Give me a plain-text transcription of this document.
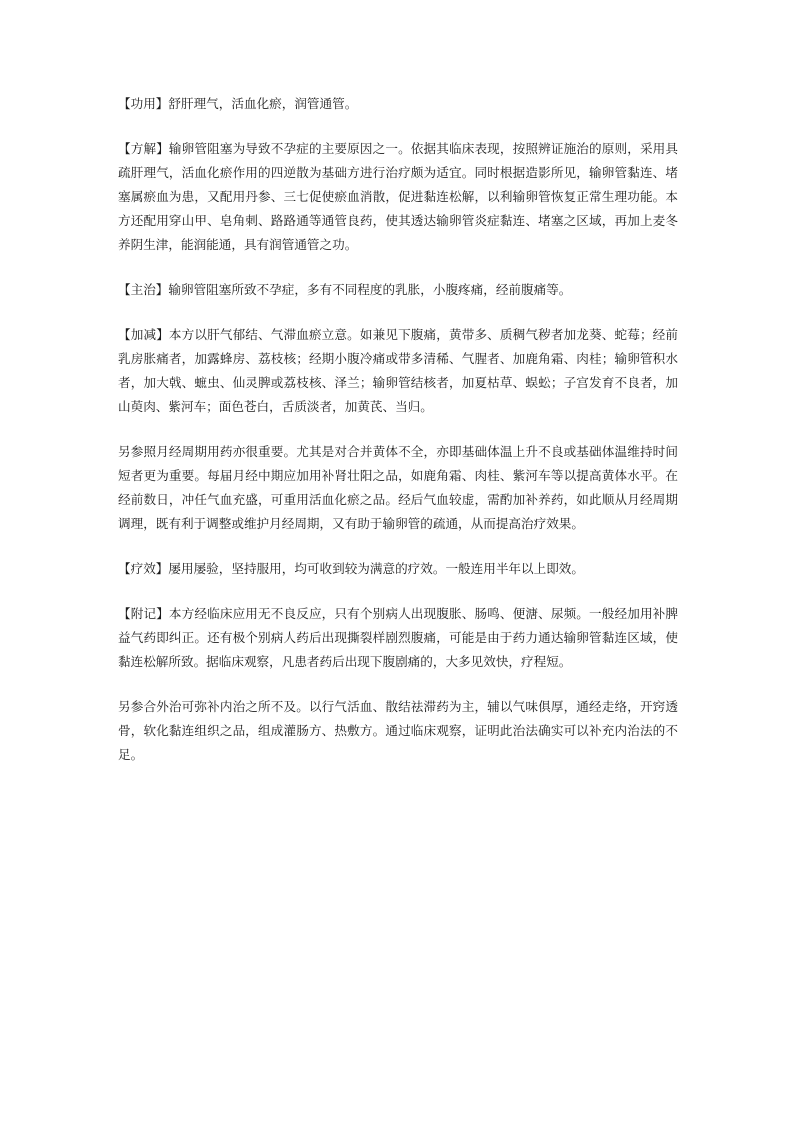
【功用】舒肝理气，活血化瘀，润管通管。

【方解】输卵管阻塞为导致不孕症的主要原因之一。依据其临床表现，按照辨证施治的原则，采用具疏肝理气，活血化瘀作用的四逆散为基础方进行治疗颇为适宜。同时根据造影所见，输卵管黏连、堵塞属瘀血为患，又配用丹参、三七促使瘀血消散，促进黏连松解，以利输卵管恢复正常生理功能。本方还配用穿山甲、皂角刺、路路通等通管良药，使其透达输卵管炎症黏连、堵塞之区域，再加上麦冬养阴生津，能润能通，具有润管通管之功。

【主治】输卵管阻塞所致不孕症，多有不同程度的乳胀，小腹疼痛，经前腹痛等。

【加减】本方以肝气郁结、气滞血瘀立意。如兼见下腹痛，黄带多、质稠气秽者加龙葵、蛇莓；经前乳房胀痛者，加露蜂房、荔枝核；经期小腹冷痛或带多清稀、气腥者、加鹿角霜、肉桂；输卵管积水者，加大戟、蟅虫、仙灵脾或荔枝核、泽兰；输卵管结核者，加夏枯草、蜈蚣；子宫发育不良者，加山萸肉、紫河车；面色苍白，舌质淡者，加黄芪、当归。

另参照月经周期用药亦很重要。尤其是对合并黄体不全，亦即基础体温上升不良或基础体温维持时间短者更为重要。每届月经中期应加用补肾壮阳之品，如鹿角霜、肉桂、紫河车等以提高黄体水平。在经前数日，冲任气血充盛，可重用活血化瘀之品。经后气血较虚，需酌加补养药，如此顺从月经周期调理，既有利于调整或维护月经周期，又有助于输卵管的疏通，从而提高治疗效果。

【疗效】屡用屡验，坚持服用，均可收到较为满意的疗效。一般连用半年以上即效。

【附记】本方经临床应用无不良反应，只有个别病人出现腹胀、肠鸣、便溏、尿频。一般经加用补脾益气药即纠正。还有极个别病人药后出现撕裂样剧烈腹痛，可能是由于药力通达输卵管黏连区域，使黏连松解所致。据临床观察，凡患者药后出现下腹剧痛的，大多见效快，疗程短。

另参合外治可弥补内治之所不及。以行气活血、散结祛滞药为主，辅以气味俱厚，通经走络，开窍透骨，软化黏连组织之品，组成灌肠方、热敷方。通过临床观察，证明此治法确实可以补充内治法的不足。
